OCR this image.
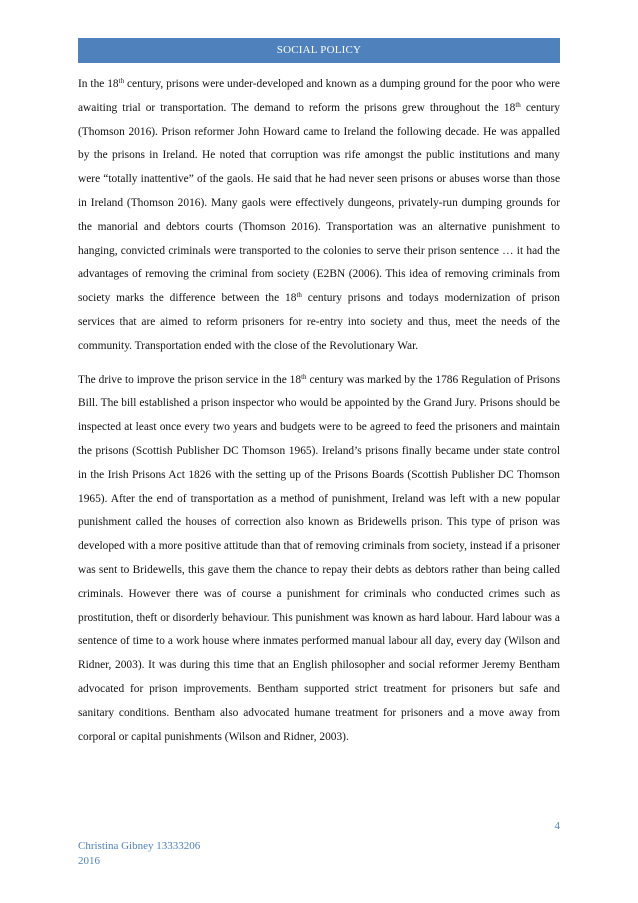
SOCIAL POLICY

In the 18th century, prisons were under-developed and known as a dumping ground for the poor who were awaiting trial or transportation. The demand to reform the prisons grew throughout the 18th century (Thomson 2016). Prison reformer John Howard came to Ireland the following decade. He was appalled by the prisons in Ireland. He noted that corruption was rife amongst the public institutions and many were “totally inattentive” of the gaols. He said that he had never seen prisons or abuses worse than those in Ireland (Thomson 2016). Many gaols were effectively dungeons, privately-run dumping grounds for the manorial and debtors courts (Thomson 2016). Transportation was an alternative punishment to hanging, convicted criminals were transported to the colonies to serve their prison sentence … it had the advantages of removing the criminal from society (E2BN (2006). This idea of removing criminals from society marks the difference between the 18th century prisons and todays modernization of prison services that are aimed to reform prisoners for re-entry into society and thus, meet the needs of the community. Transportation ended with the close of the Revolutionary War.

The drive to improve the prison service in the 18th century was marked by the 1786 Regulation of Prisons Bill. The bill established a prison inspector who would be appointed by the Grand Jury. Prisons should be inspected at least once every two years and budgets were to be agreed to feed the prisoners and maintain the prisons (Scottish Publisher DC Thomson 1965). Ireland’s prisons finally became under state control in the Irish Prisons Act 1826 with the setting up of the Prisons Boards (Scottish Publisher DC Thomson 1965). After the end of transportation as a method of punishment, Ireland was left with a new popular punishment called the houses of correction also known as Bridewells prison. This type of prison was developed with a more positive attitude than that of removing criminals from society, instead if a prisoner was sent to Bridewells, this gave them the chance to repay their debts as debtors rather than being called criminals. However there was of course a punishment for criminals who conducted crimes such as prostitution, theft or disorderly behaviour. This punishment was known as hard labour. Hard labour was a sentence of time to a work house where inmates performed manual labour all day, every day (Wilson and Ridner, 2003). It was during this time that an English philosopher and social reformer Jeremy Bentham advocated for prison improvements. Bentham supported strict treatment for prisoners but safe and sanitary conditions. Bentham also advocated humane treatment for prisoners and a move away from corporal or capital punishments (Wilson and Ridner, 2003).

4
Christina Gibney 13333206
2016
